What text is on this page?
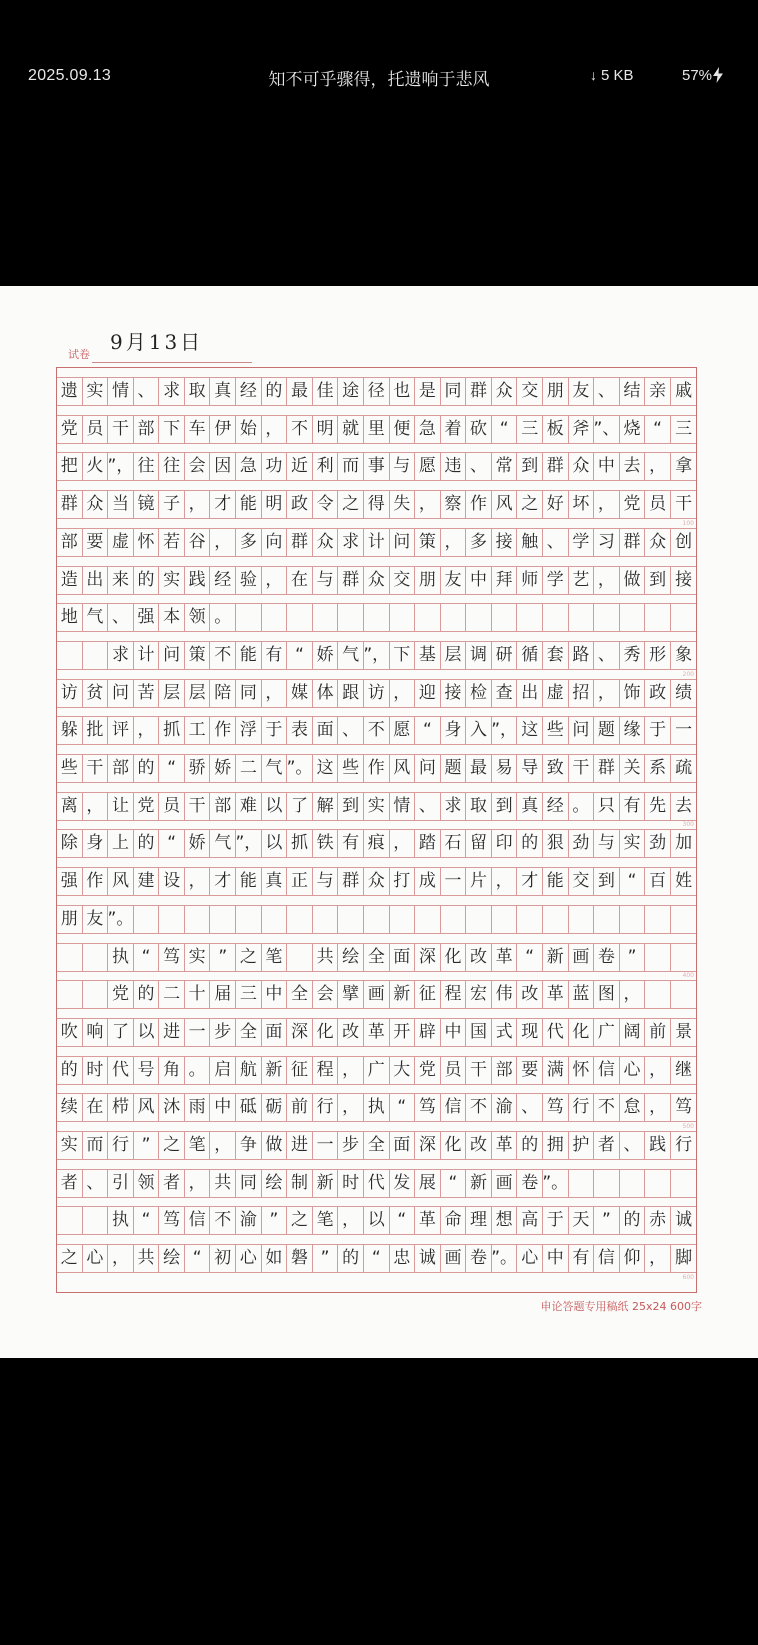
2025.09.13	知不可乎骤得，托遗响于悲风	↓ 5 KB	57%
试卷
9月13日
遗 实 情 、 求 取 真 经 的 最 佳 途 径 也 是 同 群 众 交 朋 友 、 结 亲 戚
党 员 干 部 下 车 伊 始 ， 不 明 就 里 便 急 着 砍 “ 三 板 斧 ”、 烧 “ 三
把 火 ”， 往 往 会 因 急 功 近 利 而 事 与 愿 违 、 常 到 群 众 中 去 ， 拿
群 众 当 镜 子 ， 才 能 明 政 令 之 得 失 ， 察 作 风 之 好 坏 ， 党 员 干
部 要 虚 怀 若 谷 ， 多 向 群 众 求 计 问 策 ， 多 接 触 、 学 习 群 众 创
造 出 来 的 实 践 经 验 ， 在 与 群 众 交 朋 友 中 拜 师 学 艺 ， 做 到 接
地 气 、 强 本 领 。
求 计 问 策 不 能 有 “ 娇 气 ”， 下 基 层 调 研 循 套 路 、 秀 形 象
访 贫 问 苦 层 层 陪 同 ， 媒 体 跟 访 ， 迎 接 检 查 出 虚 招 ， 饰 政 绩
躲 批 评 ， 抓 工 作 浮 于 表 面 、 不 愿 “ 身 入 ”， 这 些 问 题 缘 于 一
些 干 部 的 “ 骄 娇 二 气 ”。 这 些 作 风 问 题 最 易 导 致 干 群 关 系 疏
离 ， 让 党 员 干 部 难 以 了 解 到 实 情 、 求 取 到 真 经 。 只 有 先 去
除 身 上 的 “ 娇 气 ”， 以 抓 铁 有 痕 ， 踏 石 留 印 的 狠 劲 与 实 劲 加
强 作 风 建 设 ， 才 能 真 正 与 群 众 打 成 一 片 ， 才 能 交 到 “ 百 姓
朋 友 ”。
执 “ 笃 实 ” 之 笔 共 绘 全 面 深 化 改 革 “ 新 画 卷 ”
党 的 二 十 届 三 中 全 会 擘 画 新 征 程 宏 伟 改 革 蓝 图 ，
吹 响 了 以 进 一 步 全 面 深 化 改 革 开 辟 中 国 式 现 代 化 广 阔 前 景
的 时 代 号 角 。 启 航 新 征 程 ， 广 大 党 员 干 部 要 满 怀 信 心 ， 继
续 在 栉 风 沐 雨 中 砥 砺 前 行 ， 执 “ 笃 信 不 渝 、 笃 行 不 怠 ， 笃
实 而 行 ” 之 笔 ， 争 做 进 一 步 全 面 深 化 改 革 的 拥 护 者 、 践 行
者 、 引 领 者 ， 共 同 绘 制 新 时 代 发 展 “ 新 画 卷 ”。
执 “ 笃 信 不 渝 ” 之 笔 ， 以 “ 革 命 理 想 高 于 天 ” 的 赤 诚
之 心 ， 共 绘 “ 初 心 如 磐 ” 的 “ 忠 诚 画 卷 ”。 心 中 有 信 仰 ， 脚
100
200
300
400
500
600
申论答题专用稿纸 25x24 600字
